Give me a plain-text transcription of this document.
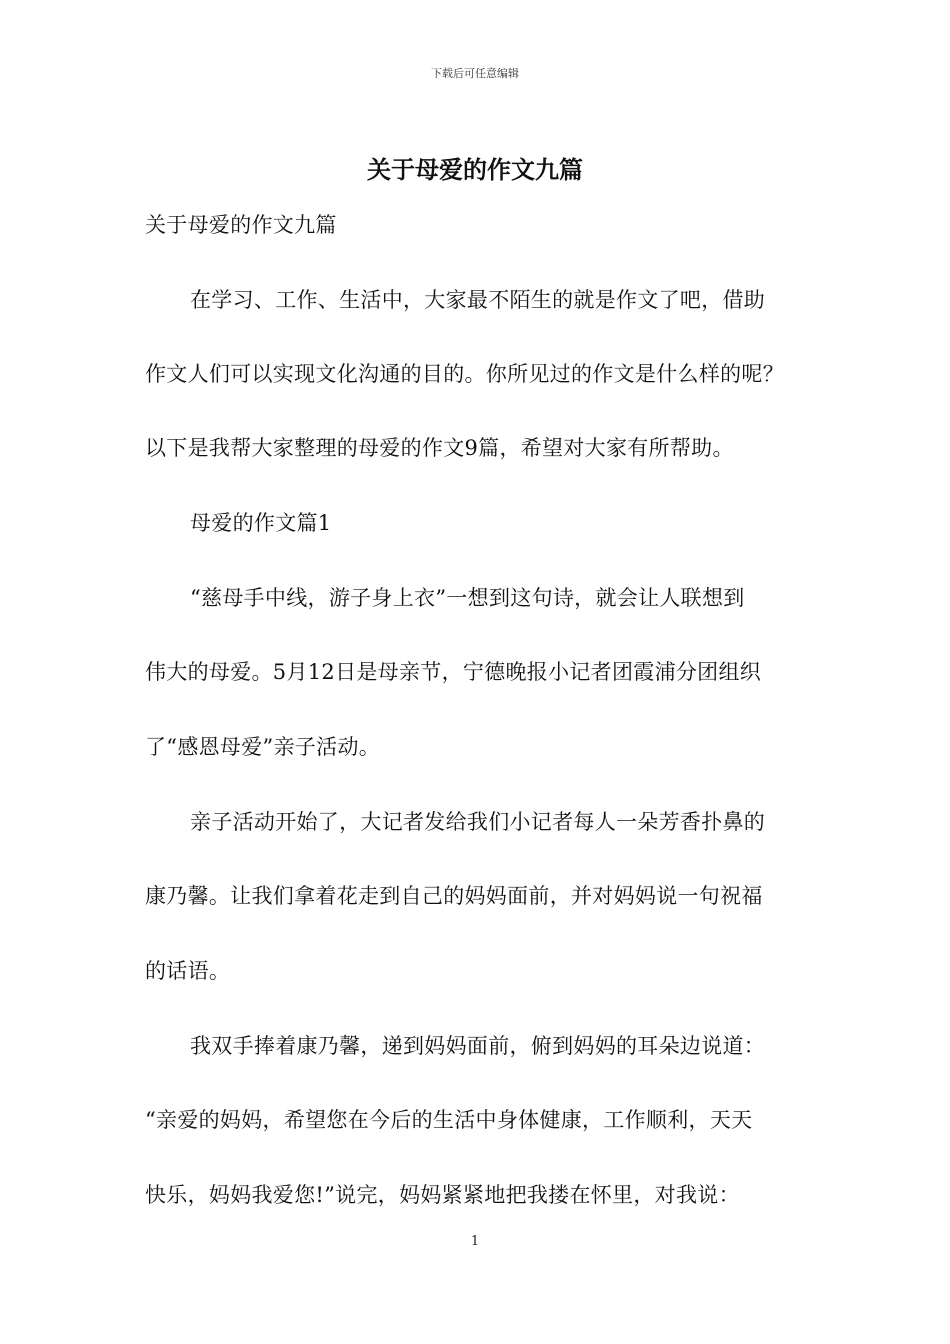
下载后可任意编辑
关于母爱的作文九篇

关于母爱的作文九篇

在学习、工作、生活中，大家最不陌生的就是作文了吧，借助

作文人们可以实现文化沟通的目的。你所见过的作文是什么样的呢？

以下是我帮大家整理的母爱的作文9篇，希望对大家有所帮助。

母爱的作文篇1

“慈母手中线，游子身上衣”一想到这句诗，就会让人联想到

伟大的母爱。5月12日是母亲节，宁德晚报小记者团霞浦分团组织

了“感恩母爱”亲子活动。

亲子活动开始了，大记者发给我们小记者每人一朵芳香扑鼻的

康乃馨。让我们拿着花走到自己的妈妈面前，并对妈妈说一句祝福

的话语。

我双手捧着康乃馨，递到妈妈面前，俯到妈妈的耳朵边说道：

“亲爱的妈妈，希望您在今后的生活中身体健康，工作顺利，天天

快乐，妈妈我爱您!”说完，妈妈紧紧地把我搂在怀里，对我说：

1
